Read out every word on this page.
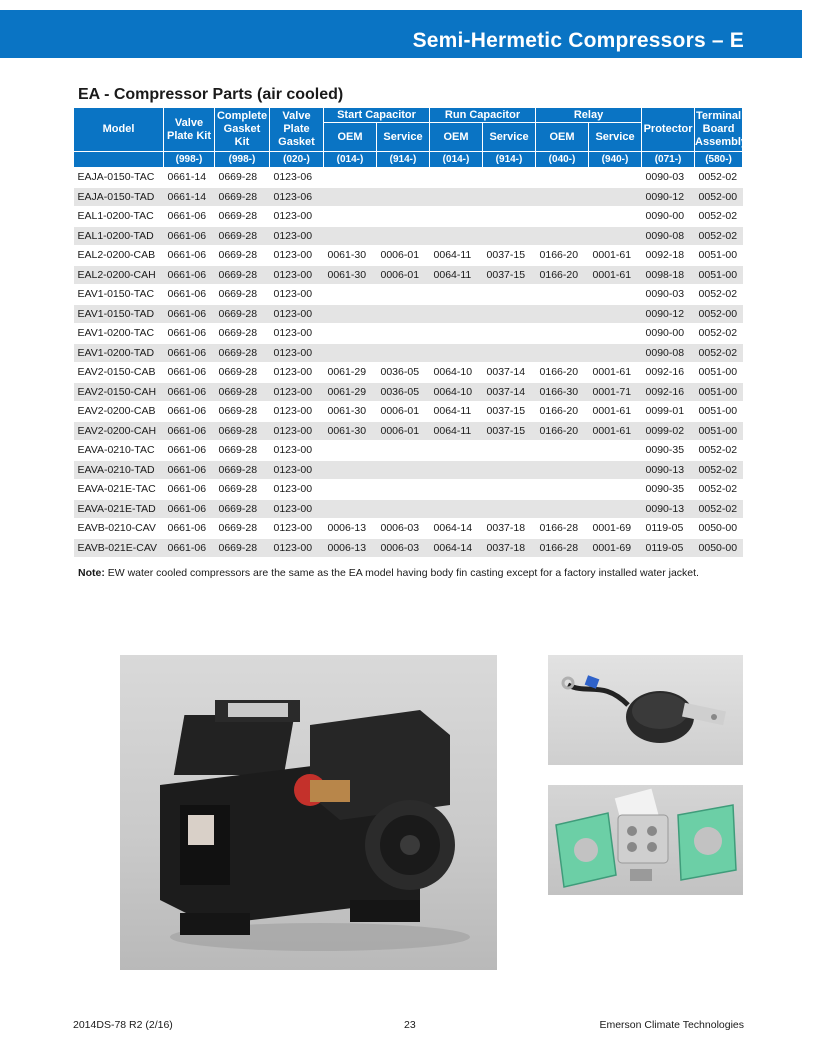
Semi-Hermetic Compressors – E
EA - Compressor Parts (air cooled)
Model	Valve Plate Kit	Complete Gasket Kit	Valve Plate Gasket	Start Capacitor		Run Capacitor		Relay		Protector	Terminal Board Assembly
				OEM	Service	OEM	Service	OEM	Service		
	(998-)	(998-)	(020-)	(014-)	(914-)	(014-)	(914-)	(040-)	(940-)	(071-)	(580-)
EAJA-0150-TAC	0661-14	0669-28	0123-06							0090-03	0052-02
EAJA-0150-TAD	0661-14	0669-28	0123-06							0090-12	0052-00
EAL1-0200-TAC	0661-06	0669-28	0123-00							0090-00	0052-02
EAL1-0200-TAD	0661-06	0669-28	0123-00							0090-08	0052-02
EAL2-0200-CAB	0661-06	0669-28	0123-00	0061-30	0006-01	0064-11	0037-15	0166-20	0001-61	0092-18	0051-00
EAL2-0200-CAH	0661-06	0669-28	0123-00	0061-30	0006-01	0064-11	0037-15	0166-20	0001-61	0098-18	0051-00
EAV1-0150-TAC	0661-06	0669-28	0123-00							0090-03	0052-02
EAV1-0150-TAD	0661-06	0669-28	0123-00							0090-12	0052-00
EAV1-0200-TAC	0661-06	0669-28	0123-00							0090-00	0052-02
EAV1-0200-TAD	0661-06	0669-28	0123-00							0090-08	0052-02
EAV2-0150-CAB	0661-06	0669-28	0123-00	0061-29	0036-05	0064-10	0037-14	0166-20	0001-61	0092-16	0051-00
EAV2-0150-CAH	0661-06	0669-28	0123-00	0061-29	0036-05	0064-10	0037-14	0166-30	0001-71	0092-16	0051-00
EAV2-0200-CAB	0661-06	0669-28	0123-00	0061-30	0006-01	0064-11	0037-15	0166-20	0001-61	0099-01	0051-00
EAV2-0200-CAH	0661-06	0669-28	0123-00	0061-30	0006-01	0064-11	0037-15	0166-20	0001-61	0099-02	0051-00
EAVA-0210-TAC	0661-06	0669-28	0123-00							0090-35	0052-02
EAVA-0210-TAD	0661-06	0669-28	0123-00							0090-13	0052-02
EAVA-021E-TAC	0661-06	0669-28	0123-00							0090-35	0052-02
EAVA-021E-TAD	0661-06	0669-28	0123-00							0090-13	0052-02
EAVB-0210-CAV	0661-06	0669-28	0123-00	0006-13	0006-03	0064-14	0037-18	0166-28	0001-69	0119-05	0050-00
EAVB-021E-CAV	0661-06	0669-28	0123-00	0006-13	0006-03	0064-14	0037-18	0166-28	0001-69	0119-05	0050-00
Note: EW water cooled compressors are the same as the EA model having body fin casting except for a factory installed water jacket.
2014DS-78 R2 (2/16)	23	Emerson Climate Technologies
